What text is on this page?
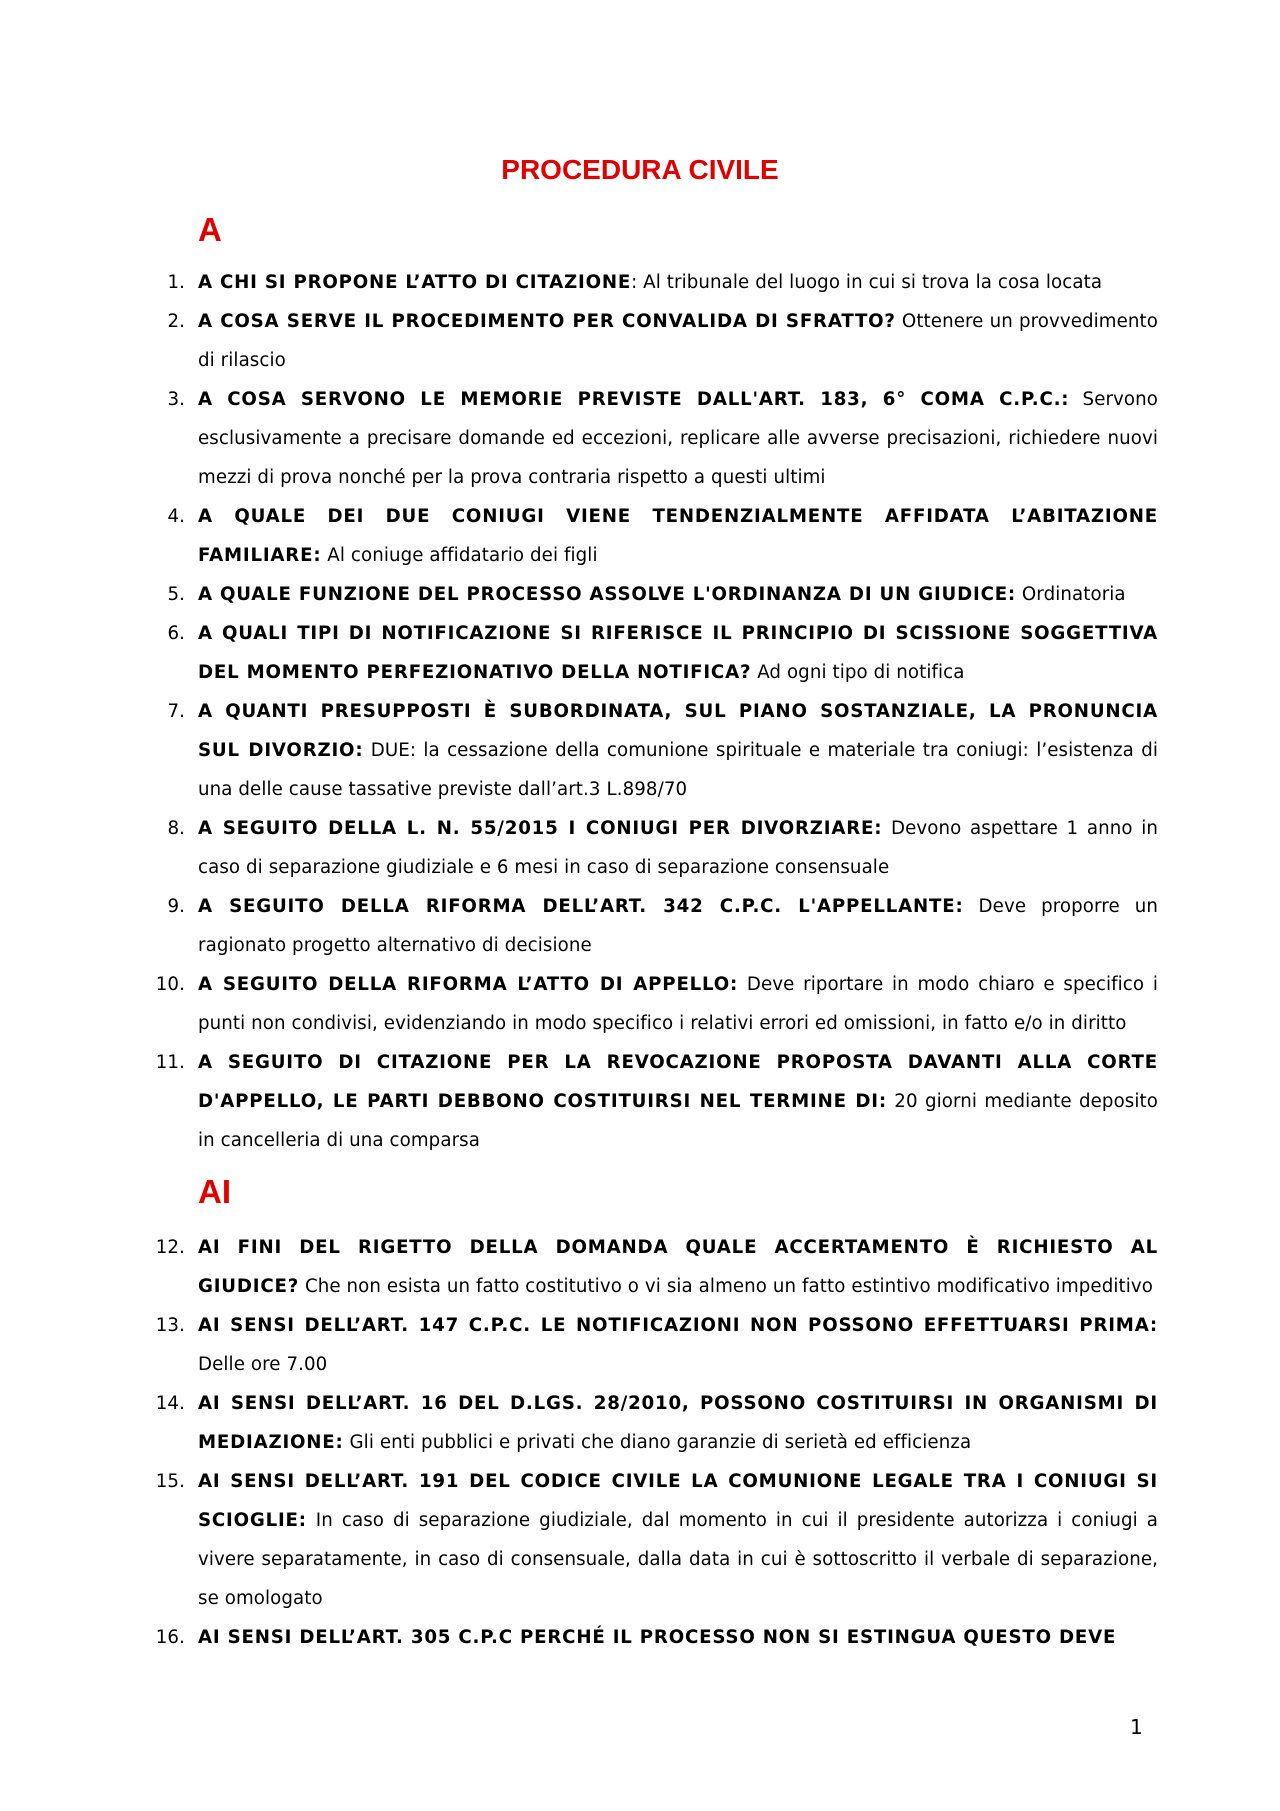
PROCEDURA CIVILE
A
1. A CHI SI PROPONE L’ATTO DI CITAZIONE: Al tribunale del luogo in cui si trova la cosa locata
2. A COSA SERVE IL PROCEDIMENTO PER CONVALIDA DI SFRATTO? Ottenere un provvedimento di rilascio
3. A COSA SERVONO LE MEMORIE PREVISTE DALL'ART. 183, 6° COMA C.P.C.: Servono esclusivamente a precisare domande ed eccezioni, replicare alle avverse precisazioni, richiedere nuovi mezzi di prova nonché per la prova contraria rispetto a questi ultimi
4. A QUALE DEI DUE CONIUGI VIENE TENDENZIALMENTE AFFIDATA L’ABITAZIONE FAMILIARE: Al coniuge affidatario dei figli
5. A QUALE FUNZIONE DEL PROCESSO ASSOLVE L'ORDINANZA DI UN GIUDICE: Ordinatoria
6. A QUALI TIPI DI NOTIFICAZIONE SI RIFERISCE IL PRINCIPIO DI SCISSIONE SOGGETTIVA DEL MOMENTO PERFEZIONATIVO DELLA NOTIFICA? Ad ogni tipo di notifica
7. A QUANTI PRESUPPOSTI È SUBORDINATA, SUL PIANO SOSTANZIALE, LA PRONUNCIA SUL DIVORZIO: DUE: la cessazione della comunione spirituale e materiale tra coniugi: l’esistenza di una delle cause tassative previste dall’art.3 L.898/70
8. A SEGUITO DELLA L. N. 55/2015 I CONIUGI PER DIVORZIARE: Devono aspettare 1 anno in caso di separazione giudiziale e 6 mesi in caso di separazione consensuale
9. A SEGUITO DELLA RIFORMA DELL’ART. 342 C.P.C. L'APPELLANTE: Deve proporre un ragionato progetto alternativo di decisione
10. A SEGUITO DELLA RIFORMA L’ATTO DI APPELLO: Deve riportare in modo chiaro e specifico i punti non condivisi, evidenziando in modo specifico i relativi errori ed omissioni, in fatto e/o in diritto
11. A SEGUITO DI CITAZIONE PER LA REVOCAZIONE PROPOSTA DAVANTI ALLA CORTE D'APPELLO, LE PARTI DEBBONO COSTITUIRSI NEL TERMINE DI: 20 giorni mediante deposito in cancelleria di una comparsa
AI
12. AI FINI DEL RIGETTO DELLA DOMANDA QUALE ACCERTAMENTO È RICHIESTO AL GIUDICE? Che non esista un fatto costitutivo o vi sia almeno un fatto estintivo modificativo impeditivo
13. AI SENSI DELL’ART. 147 C.P.C. LE NOTIFICAZIONI NON POSSONO EFFETTUARSI PRIMA: Delle ore 7.00
14. AI SENSI DELL’ART. 16 DEL D.LGS. 28/2010, POSSONO COSTITUIRSI IN ORGANISMI DI MEDIAZIONE: Gli enti pubblici e privati che diano garanzie di serietà ed efficienza
15. AI SENSI DELL’ART. 191 DEL CODICE CIVILE LA COMUNIONE LEGALE TRA I CONIUGI SI SCIOGLIE: In caso di separazione giudiziale, dal momento in cui il presidente autorizza i coniugi a vivere separatamente, in caso di consensuale, dalla data in cui è sottoscritto il verbale di separazione, se omologato
16. AI SENSI DELL’ART. 305 C.P.C PERCHÉ IL PROCESSO NON SI ESTINGUA QUESTO DEVE
1
